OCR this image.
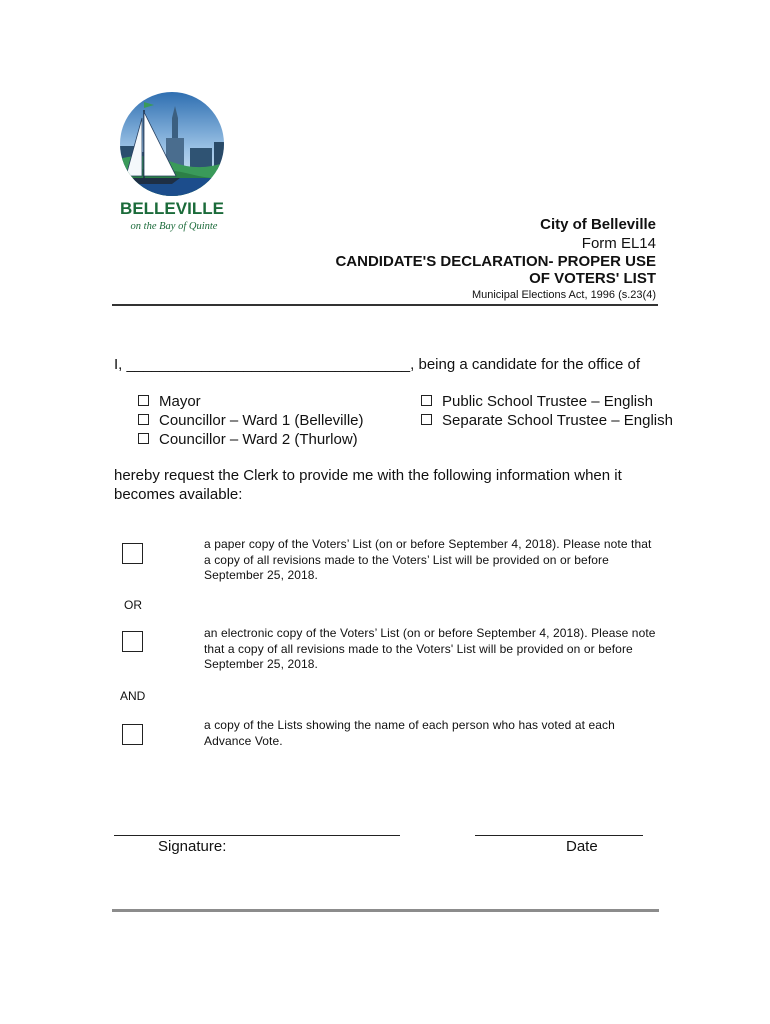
BELLEVILLE
on the Bay of Quinte	City of Belleville
Form EL14
CANDIDATE'S DECLARATION- PROPER USE
OF VOTERS' LIST
Municipal Elections Act, 1996 (s.23(4)
I, __________________________________, being a candidate for the office of
Mayor
Councillor – Ward 1 (Belleville)
Councillor – Ward 2 (Thurlow)
Public School Trustee – English
Separate School Trustee – English
hereby request the Clerk to provide me with the following information when it becomes available:
a paper copy of the Voters’ List (on or before September 4, 2018). Please note that a copy of all revisions made to the Voters’ List will be provided on or before September 25, 2018.
OR
an electronic copy of the Voters’ List (on or before September 4, 2018). Please note that a copy of all revisions made to the Voters' List will be provided on or before September 25, 2018.
AND
a copy of the Lists showing the name of each person who has voted at each Advance Vote.
Signature:	Date
